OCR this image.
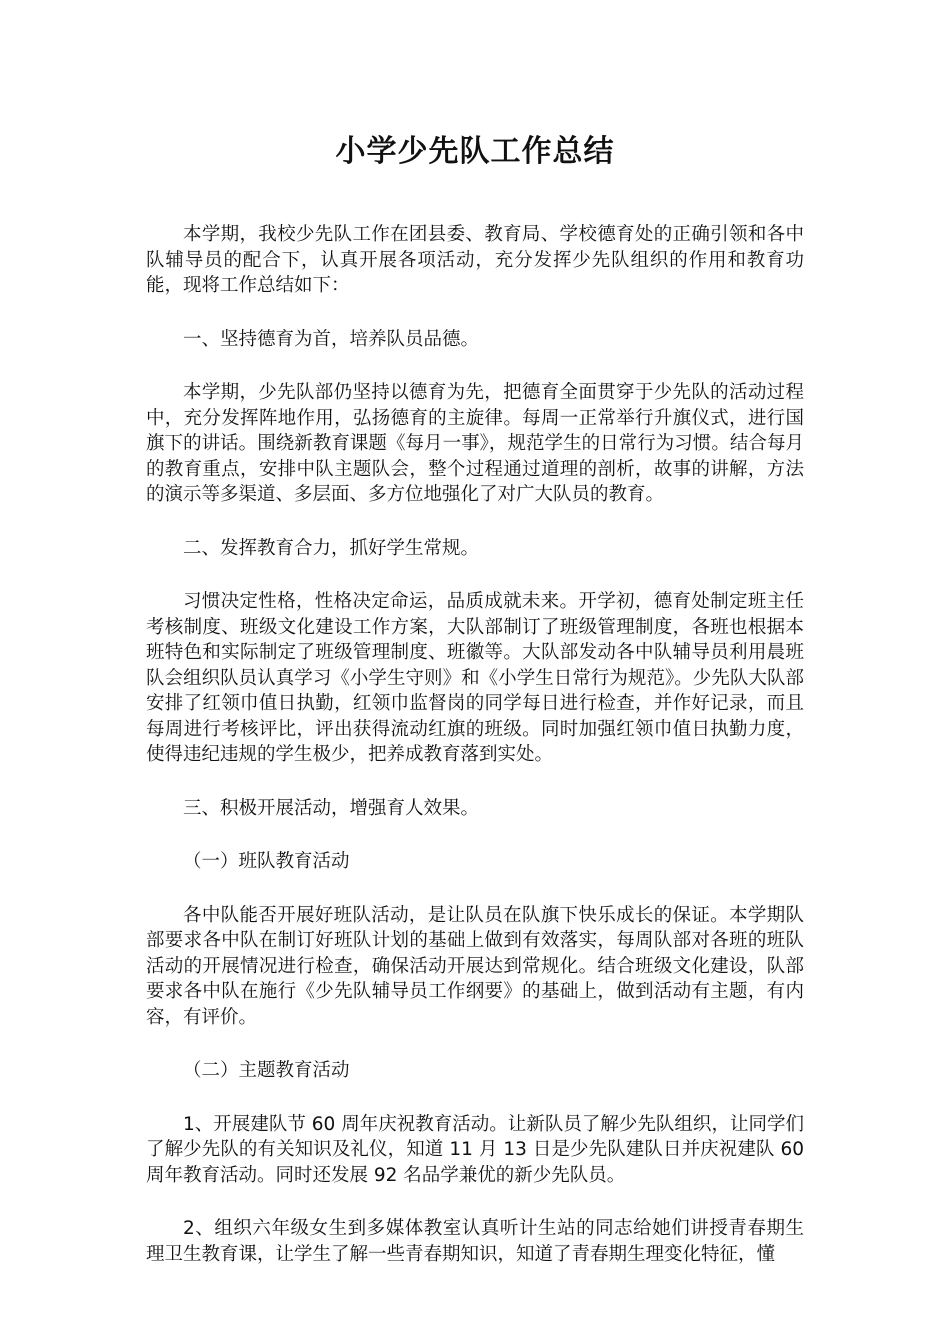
小学少先队工作总结

本学期，我校少先队工作在团县委、教育局、学校德育处的正确引领和各中队辅导员的配合下，认真开展各项活动，充分发挥少先队组织的作用和教育功能，现将工作总结如下：

一、坚持德育为首，培养队员品德。

本学期，少先队部仍坚持以德育为先，把德育全面贯穿于少先队的活动过程中，充分发挥阵地作用，弘扬德育的主旋律。每周一正常举行升旗仪式，进行国旗下的讲话。围绕新教育课题《每月一事》，规范学生的日常行为习惯。结合每月的教育重点，安排中队主题队会，整个过程通过道理的剖析，故事的讲解，方法的演示等多渠道、多层面、多方位地强化了对广大队员的教育。

二、发挥教育合力，抓好学生常规。

习惯决定性格，性格决定命运，品质成就未来。开学初，德育处制定班主任考核制度、班级文化建设工作方案，大队部制订了班级管理制度，各班也根据本班特色和实际制定了班级管理制度、班徽等。大队部发动各中队辅导员利用晨班队会组织队员认真学习《小学生守则》和《小学生日常行为规范》。少先队大队部安排了红领巾值日执勤，红领巾监督岗的同学每日进行检查，并作好记录，而且每周进行考核评比，评出获得流动红旗的班级。同时加强红领巾值日执勤力度，使得违纪违规的学生极少，把养成教育落到实处。

三、积极开展活动，增强育人效果。

（一）班队教育活动

各中队能否开展好班队活动，是让队员在队旗下快乐成长的保证。本学期队部要求各中队在制订好班队计划的基础上做到有效落实，每周队部对各班的班队活动的开展情况进行检查，确保活动开展达到常规化。结合班级文化建设，队部要求各中队在施行《少先队辅导员工作纲要》的基础上，做到活动有主题，有内容，有评价。

（二）主题教育活动

1、开展建队节 60 周年庆祝教育活动。让新队员了解少先队组织，让同学们了解少先队的有关知识及礼仪，知道 11 月 13 日是少先队建队日并庆祝建队 60 周年教育活动。同时还发展 92 名品学兼优的新少先队员。

2、组织六年级女生到多媒体教室认真听计生站的同志给她们讲授青春期生理卫生教育课，让学生了解一些青春期知识，知道了青春期生理变化特征，懂
